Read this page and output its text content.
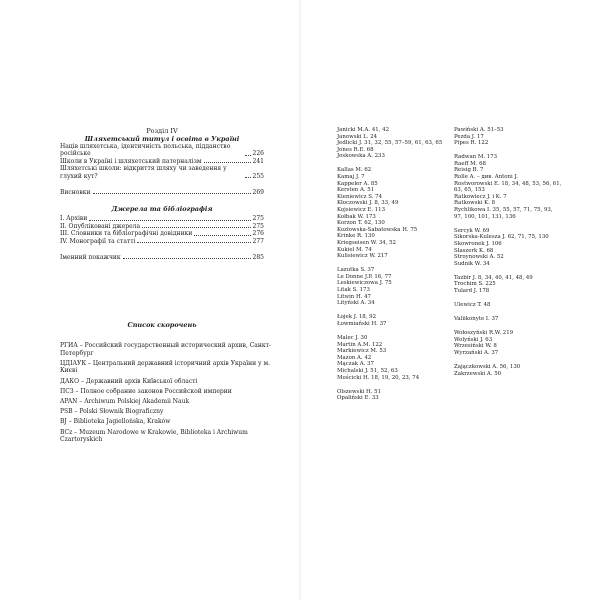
Розділ IV
Шляхетський титул і освіта в Україні
Наців шляхетська, ідентичність польська, підданство російське	226
Школи в Україні і шляхетський патерналізм	241
Шляхетські школи: відкриття шляху чи заведення у глухий кут?	255
Висновки	269
Джерела та бібліографія
I. Архіви	275
II. Опубліковані джерела	275
III. Словники та бібліографічні довідники	276
IV. Монографії та статті	277
Іменний покажчик	285
Список скорочень
РГИА – Российский государственный исторический архив, Санкт-Петербург
ЦДІАУК – Центральний державний історичний архів України у м. Києві
ДАКО – Державний архів Київської області
ПСЗ – Полное собрание законов Российской империи
APAN – Archiwum Polskiej Akademii Nauk
PSB – Polski Słownik Biograficzny
BJ – Biblioteka Jagiellońska, Kraków
BCz – Muzeum Narodowe w Krakowie, Biblioteka i Archiwum Czartoryskich
Janicki M.A. 41, 42
Janowski L. 24
Jedlicki J. 31, 32, 55, 57–59, 61, 63, 65
Jones R.E. 68
Joskowska A. 233
Kallas M. 62
Kamaj J. 7
Kappeler A. 85
Kersten A. 51
Kieniewicz S. 74
Kłoczowski J. 8, 33, 49
Kojsiewicz E. 113
Kołbak W. 173
Korzon T. 62, 130
Kozłowska-Sabatowska H. 75
Krinke R. 130
Kriegseisen W. 34, 52
Kukiel M. 74
Kulisiewicz W. 217
Lazutka S. 37
Le Donne J.P. 16, 77
Leskiewiczowa J. 75
Litak S. 173
Litwin H. 47
Lityński A. 34
Łojek J. 18, 92
Łowmiański H. 37
Malec J. 30
Martin A.M. 122
Markiewicz M. 53
Mazon A. 42
Mączak A. 37
Michalski J. 51, 52, 63
Mościcki H. 18, 19, 20, 23, 74
Olszewski H. 51
Opaliński E. 33
Pawiński A. 51–53
Pezda J. 17
Pipes R. 122
Radwan M. 173
Raeff M. 68
Reisig B. 7
Rolle A. – див. Antoni J.
Rostworowski E. 18, 34, 48, 53, 56, 61, 63, 65, 153
Ratkowiecz J. i K. 7
Ratkowski K. 8
Rychlikowa I. 35, 55, 57, 71, 75, 93, 97, 100, 101, 131, 136
Sercyk W. 69
Sikorska-Kulesza J. 62, 71, 75, 130
Skowronek J. 106
Słaszerk K. 68
Stroynowski A. 52
Sudnik W. 34
Tazbir J. 8, 34, 40, 41, 48, 49
Trochim S. 225
Tulard J. 178
Ulewicz T. 48
Valiikonyte I. 37
Wołoszyński R.W. 219
Wolyński J. 63
Wrzesiński W. 8
Wyrzański A. 37
Zajączkowski A. 56, 130
Zakrzewski A. 50
